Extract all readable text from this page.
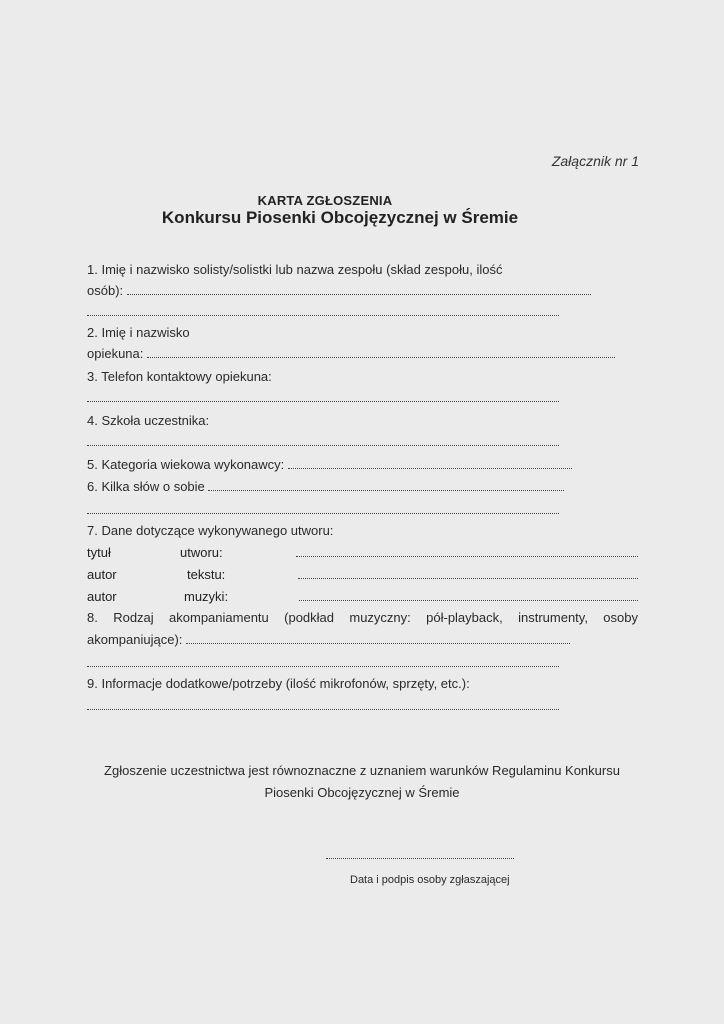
Załącznik nr 1
KARTA ZGŁOSZENIA
Konkursu Piosenki Obcojęzycznej w Śremie
1. Imię i nazwisko solisty/solistki lub nazwa zespołu (skład zespołu, ilość
osób):
2. Imię i nazwisko
opiekuna:
3. Telefon kontaktowy opiekuna:
4. Szkoła uczestnika:
5. Kategoria wiekowa wykonawcy:
6. Kilka słów o sobie
7. Dane dotyczące wykonywanego utworu:
tytuł	utworu:
autor	tekstu:
autor	muzyki:
8. Rodzaj akompaniamentu (podkład muzyczny: pół-playback, instrumenty, osoby
akompaniujące):
9. Informacje dodatkowe/potrzeby (ilość mikrofonów, sprzęty, etc.):
Zgłoszenie uczestnictwa jest równoznaczne z uznaniem warunków Regulaminu Konkursu
Piosenki Obcojęzycznej w Śremie
Data i podpis osoby zgłaszającej
